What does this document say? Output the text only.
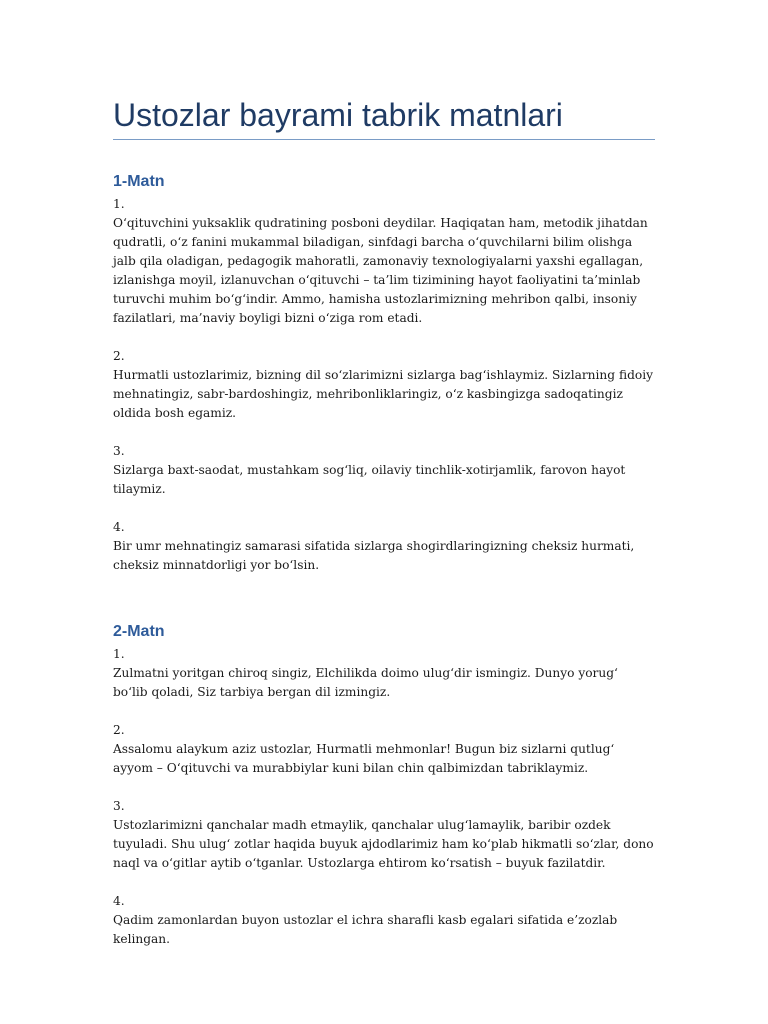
Ustozlar bayrami tabrik matnlari
1-Matn

1.

O‘qituvchini yuksaklik qudratining posboni deydilar. Haqiqatan ham, metodik jihatdan qudratli, o‘z fanini mukammal biladigan, sinfdagi barcha o‘quvchilarni bilim olishga jalb qila oladigan, pedagogik mahoratli, zamonaviy texnologiyalarni yaxshi egallagan, izlanishga moyil, izlanuvchan o‘qituvchi – ta’lim tizimining hayot faoliyatini ta’minlab turuvchi muhim bo‘g‘indir. Ammo, hamisha ustozlarimizning mehribon qalbi, insoniy fazilatlari, ma’naviy boyligi bizni o‘ziga rom etadi.

2.

Hurmatli ustozlarimiz, bizning dil so‘zlarimizni sizlarga bag‘ishlaymiz. Sizlarning fidoiy mehnatingiz, sabr-bardoshingiz, mehribonliklaringiz, o‘z kasbingizga sadoqatingiz oldida bosh egamiz.

3.

Sizlarga baxt-saodat, mustahkam sog‘liq, oilaviy tinchlik-xotirjamlik, farovon hayot tilaymiz.

4.

Bir umr mehnatingiz samarasi sifatida sizlarga shogirdlaringizning cheksiz hurmati, cheksiz minnatdorligi yor bo‘lsin.

2-Matn

1.

Zulmatni yoritgan chiroq singiz, Elchilikda doimo ulug‘dir ismingiz. Dunyo yorug‘ bo‘lib qoladi, Siz tarbiya bergan dil izmingiz.

2.

Assalomu alaykum aziz ustozlar, Hurmatli mehmonlar! Bugun biz sizlarni qutlug‘ ayyom – O‘qituvchi va murabbiylar kuni bilan chin qalbimizdan tabriklaymiz.

3.

Ustozlarimizni qanchalar madh etmaylik, qanchalar ulug‘lamaylik, baribir ozdek tuyuladi. Shu ulug‘ zotlar haqida buyuk ajdodlarimiz ham ko‘plab hikmatli so‘zlar, dono naql va o‘gitlar aytib o‘tganlar. Ustozlarga ehtirom ko‘rsatish – buyuk fazilatdir.

4.

Qadim zamonlardan buyon ustozlar el ichra sharafli kasb egalari sifatida e’zozlab kelingan.
